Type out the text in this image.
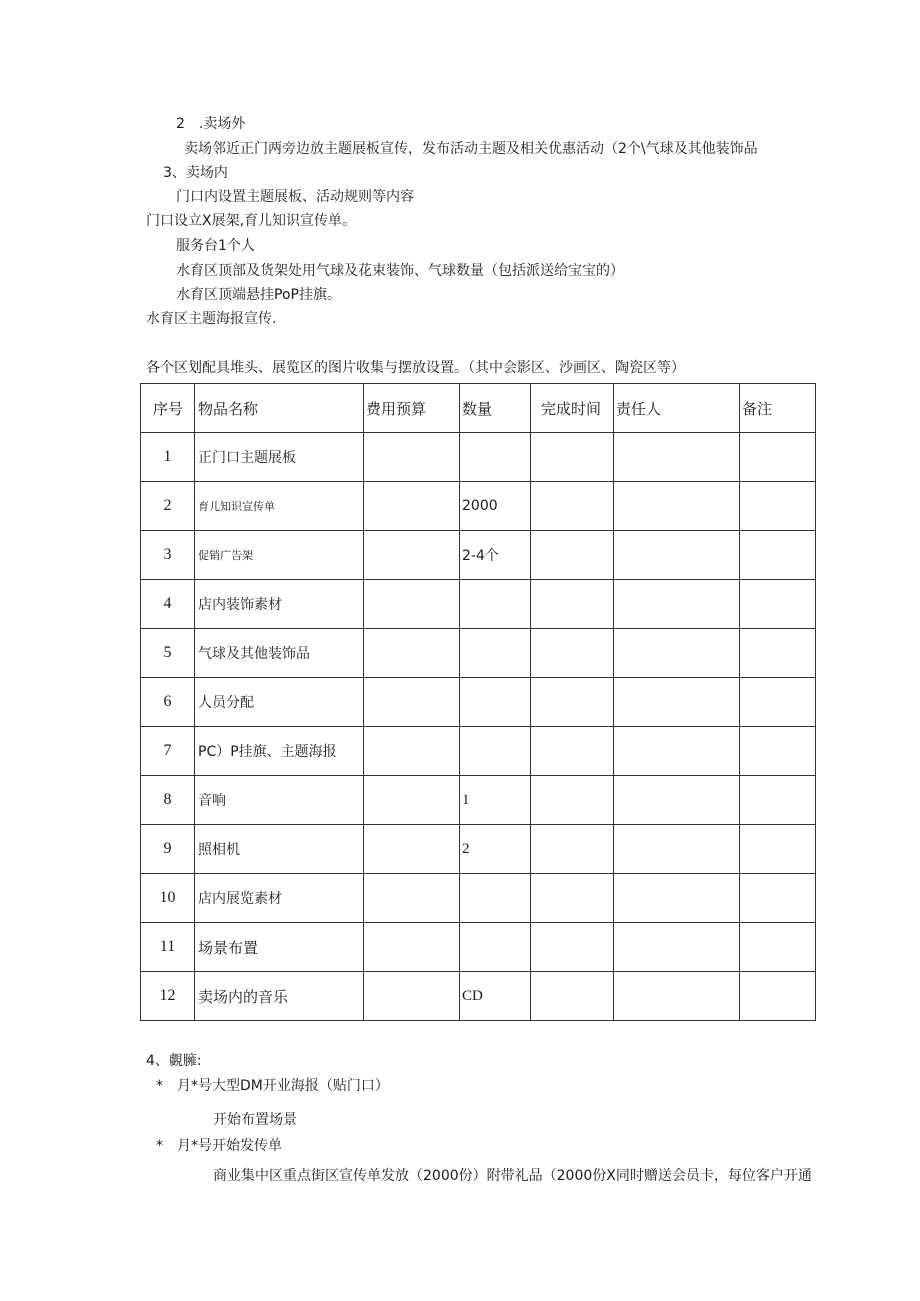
2　.卖场外
卖场邻近正门两旁边放主题展板宣传，发布活动主题及相关优惠活动（2个\气球及其他装饰品
3、卖场内
门口内设置主题展板、活动规则等内容
门口设立X展架,育儿知识宣传单。
服务台1个人
水育区顶部及货架处用气球及花束装饰、气球数量（包括派送给宝宝的）
水育区顶端悬挂PoP挂旗。
水育区主题海报宣传.
各个区划配具堆头、展览区的图片收集与摆放设置。（其中会影区、沙画区、陶瓷区等）
序号	物品名称	费用预算	数量	完成时间	责任人	备注
1	正门口主题展板					
2	育儿知识宣传单		2000			
3	促销广告架		2-4个			
4	店内装饰素材					
5	气球及其他装饰品					
6	人员分配					
7	PC）P挂旗、主题海报					
8	音响		1			
9	照相机		2			
10	店内展览素材					
11	场景布置					
12	卖场内的音乐		CD			
4、覷臃:
*　月*号大型DM开业海报（贴门口）
开始布置场景
*　月*号开始发传单
商业集中区重点街区宣传单发放（2000份）附带礼品（2000份X同时赠送会员卡，每位客户开通
